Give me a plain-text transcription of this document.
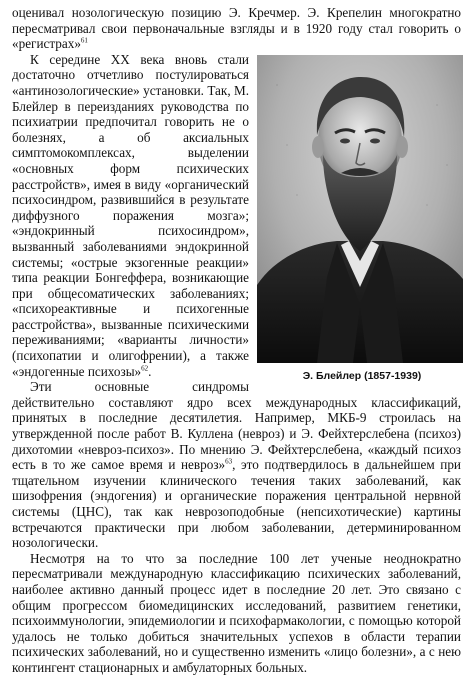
оценивал нозологическую позицию Э. Кречмер. Э. Крепелин многократно пересматривал свои первоначальные взгляды и в 1920 году стал говорить о «регистрах»$^{61}$

Э. Блейлер (1857-1939)

К середине XX века вновь стали достаточно отчетливо постулироваться «антинозологические» установки. Так, М. Блейлер в переизданиях руководства по психиатрии предпочитал говорить не о болезнях, а об аксиальных симптомокомплексах, выделении «основных форм психических расстройств», имея в виду «органический психосиндром, развившийся в результате диффузного поражения мозга»; «эндокринный психосиндром», вызванный заболеваниями эндокринной системы; «острые экзогенные реакции» типа реакции Бонгеффера, возникающие при общесоматических заболеваниях; «психореактивные и психогенные расстройства», вызванные психическими переживаниями; «варианты личности» (психопатии и олигофрении), а также «эндогенные психозы»$^{62}$.

Эти основные синдромы действительно составляют ядро всех международных классификаций, принятых в последние десятилетия. Например, МКБ-9 строилась на утвержденной после работ В. Куллена (невроз) и Э. Фейхтерслебена (психоз) дихотомии «невроз-психоз». По мнению Э. Фейхтерслебена, «каждый психоз есть в то же самое время и невроз»$^{63}$, это подтвердилось в дальнейшем при тщательном изучении клинического течения таких заболеваний, как шизофрения (эндогения) и органические поражения центральной нервной системы (ЦНС), так как неврозоподобные (непсихотические) картины встречаются практически при любом заболевании, детерминированном нозологически.

Несмотря на то что за последние 100 лет ученые неоднократно пересматривали международную классификацию психических заболеваний, наиболее активно данный процесс идет в последние 20 лет. Это связано с общим прогрессом биомедицинских исследований, развитием генетики, психоиммунологии, эпидемиологии и психофармакологии, с помощью которой удалось не только добиться значительных успехов в области терапии психических заболеваний, но и существенно изменить «лицо болезни», а с нею контингент стационарных и амбулаторных больных.
